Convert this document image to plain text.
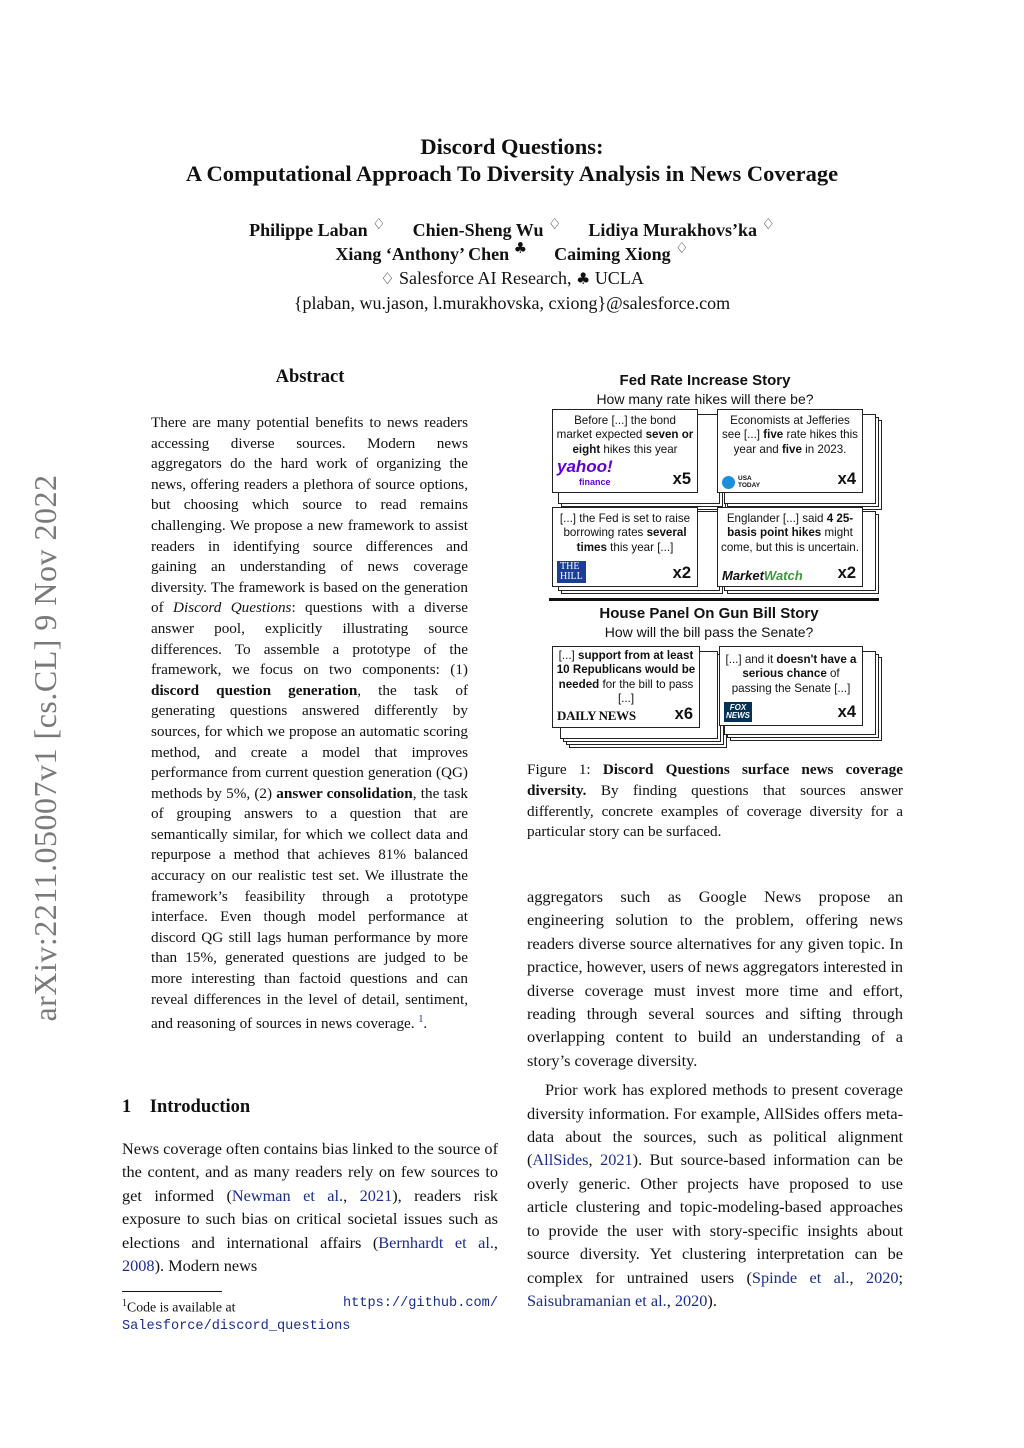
Discord Questions:
A Computational Approach To Diversity Analysis in News Coverage
Philippe Laban ♢ Chien-Sheng Wu ♢ Lidiya Murakhovs’ka ♢
Xiang ‘Anthony’ Chen ♣ Caiming Xiong ♢
♢ Salesforce AI Research, ♣ UCLA
{plaban, wu.jason, l.murakhovska, cxiong}@salesforce.com
arXiv:2211.05007v1 [cs.CL] 9 Nov 2022
Abstract
There are many potential benefits to news readers accessing diverse sources. Modern news aggregators do the hard work of organizing the news, offering readers a plethora of source options, but choosing which source to read remains challenging. We propose a new framework to assist readers in identifying source differences and gaining an understanding of news coverage diversity. The framework is based on the generation of Discord Questions: questions with a diverse answer pool, explicitly illustrating source differences. To assemble a prototype of the framework, we focus on two components: (1) discord question generation, the task of generating questions answered differently by sources, for which we propose an automatic scoring method, and create a model that improves performance from current question generation (QG) methods by 5%, (2) answer consolidation, the task of grouping answers to a question that are semantically similar, for which we collect data and repurpose a method that achieves 81% balanced accuracy on our realistic test set. We illustrate the framework’s feasibility through a prototype interface. Even though model performance at discord QG still lags human performance by more than 15%, generated questions are judged to be more interesting than factoid questions and can reveal differences in the level of detail, sentiment, and reasoning of sources in news coverage. $^1$.
1 Introduction
News coverage often contains bias linked to the source of the content, and as many readers rely on few sources to get informed (Newman et al., 2021), readers risk exposure to such bias on critical societal issues such as elections and international affairs (Bernhardt et al., 2008). Modern news
$^1$Code is available at	https://github.com/
Salesforce/discord_questions
Fed Rate Increase Story
How many rate hikes will there be?
Before [...] the bond market expected seven or eight hikes this year
yahoo!
finance	x5
Economists at Jefferies see [...] five rate hikes this year and five in 2023.
USA
TODAY	x4
[...] the Fed is set to raise borrowing rates several times this year [...]
THE
HILL	x2
Englander [...] said 4 25-basis point hikes might come, but this is uncertain.
MarketWatch x2
House Panel On Gun Bill Story
How will the bill pass the Senate?
[...] support from at least 10 Republicans would be needed for the bill to pass [...]
DAILY NEWS x6
[...] and it doesn't have a serious chance of passing the Senate [...]
FOX
NEWS	x4
Figure 1: Discord Questions surface news coverage diversity. By finding questions that sources answer differently, concrete examples of coverage diversity for a particular story can be surfaced.
aggregators such as Google News propose an engineering solution to the problem, offering news readers diverse source alternatives for any given topic. In practice, however, users of news aggregators interested in diverse coverage must invest more time and effort, reading through several sources and sifting through overlapping content to build an understanding of a story’s coverage diversity.
Prior work has explored methods to present coverage diversity information. For example, AllSides offers meta-data about the sources, such as political alignment (AllSides, 2021). But source-based information can be overly generic. Other projects have proposed to use article clustering and topic-modeling-based approaches to provide the user with story-specific insights about source diversity. Yet clustering interpretation can be complex for untrained users (Spinde et al., 2020; Saisubramanian et al., 2020).
